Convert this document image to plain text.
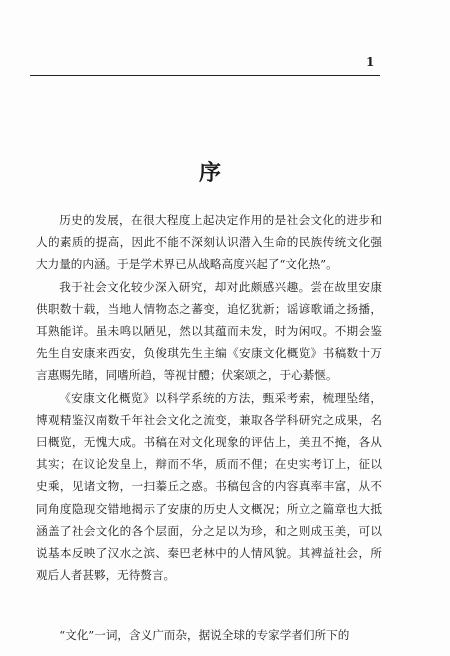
1
序

历史的发展，在很大程度上起决定作用的是社会文化的进步和人的素质的提高，因此不能不深刻认识潜入生命的民族传统文化强大力量的内涵。于是学术界已从战略高度兴起了“文化热”。

我于社会文化较少深入研究，却对此颇感兴趣。尝在故里安康供职数十载，当地人情物态之蕃变，追忆犹新；谣谚歌诵之扬播，耳熟能详。虽未鸣以陋见，然以其蕴而未发，时为闲叹。不期会鉴先生自安康来西安，负俊琪先生主编《安康文化概览》书稿数十万言惠赐先睹，同嗜所趋，等视甘醴；伏案颂之，于心綦惬。

《安康文化概览》以科学系统的方法，甄采考索，梳理坠绪，博观精鉴汉南数千年社会文化之流变，兼取各学科研究之成果，名曰概览，无愧大成。书稿在对文化现象的评估上，美丑不掩，各从其实；在议论发皇上，辩而不华，质而不俚；在史实考订上，征以史乘，见诸文物，一扫蓁丘之惑。书稿包含的内容真率丰富，从不同角度隐现交错地揭示了安康的历史人文概况；所立之篇章也大抵涵盖了社会文化的各个层面，分之足以为珍，和之则成玉美，可以说基本反映了汉水之滨、秦巴老林中的人情风貌。其裨益社会，所观后人者甚夥，无待赘言。

“文化”一词，含义广而杂，据说全球的专家学者们所下的
